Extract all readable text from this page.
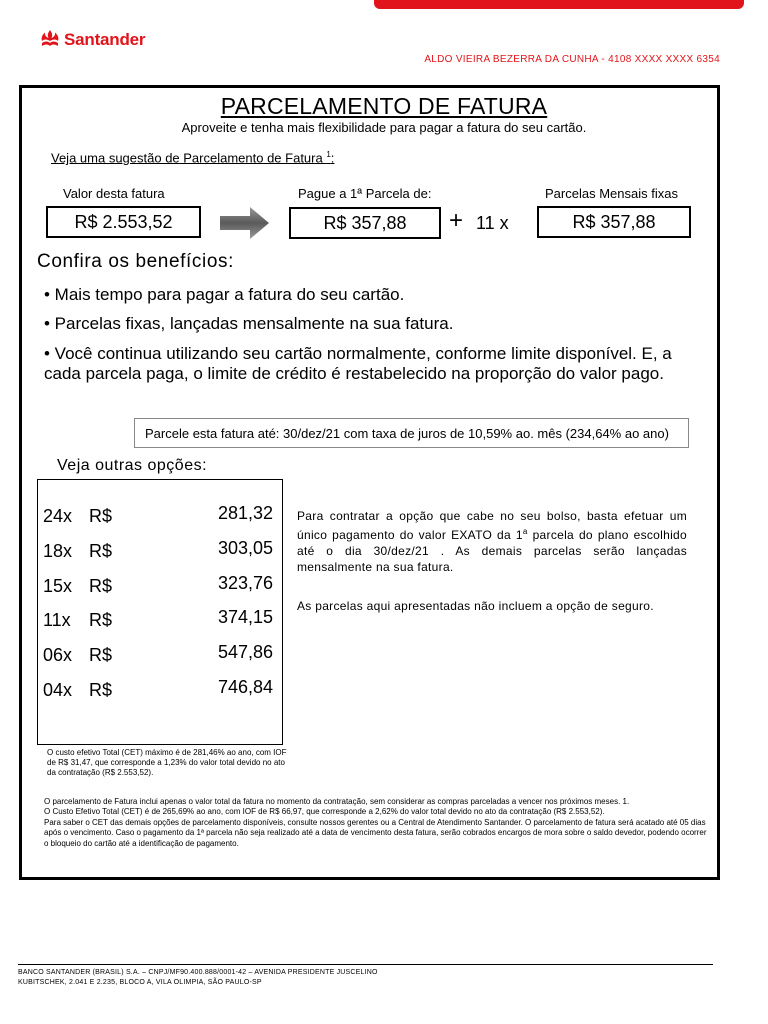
Santander
ALDO VIEIRA BEZERRA DA CUNHA - 4108 XXXX XXXX 6354
PARCELAMENTO DE FATURA
Aproveite e tenha mais flexibilidade para pagar a fatura do seu cartão.
Veja uma sugestão de Parcelamento de Fatura $^1$:
Valor desta fatura
R$ 2.553,52
Pague a 1ª Parcela de:
R$ 357,88	+ 11 x
Parcelas Mensais fixas
R$ 357,88
Confira os benefícios:
• Mais tempo para pagar a fatura do seu cartão.
• Parcelas fixas, lançadas mensalmente na sua fatura.
• Você continua utilizando seu cartão normalmente, conforme limite disponível. E, a cada parcela paga, o limite de crédito é restabelecido na proporção do valor pago.
Parcele esta fatura até: 30/dez/21 com taxa de juros de 10,59% ao. mês (234,64% ao ano)
Veja outras opções:
24x R$	281,32
18x R$	303,05
15x R$	323,76
11x R$	374,15
06x R$	547,86
04x R$	746,84
O custo efetivo Total (CET) máximo é de 281,46% ao ano, com IOF de R$ 31,47, que corresponde a 1,23% do valor total devido no ato da contratação (R$ 2.553,52).
Para contratar a opção que cabe no seu bolso, basta efetuar um único pagamento do valor EXATO da 1$^a$ parcela do plano escolhido até o dia 30/dez/21 . As demais parcelas serão lançadas mensalmente na sua fatura.
As parcelas aqui apresentadas não incluem a opção de seguro.
O parcelamento de Fatura inclui apenas o valor total da fatura no momento da contratação, sem considerar as compras parceladas a vencer nos próximos meses. 1.
O Custo Efetivo Total (CET) é de 265,69% ao ano, com IOF de R$ 66,97, que corresponde a 2,62% do valor total devido no ato da contratação (R$ 2.553,52).
Para saber o CET das demais opções de parcelamento disponíveis, consulte nossos gerentes ou a Central de Atendimento Santander. O parcelamento de fatura será acatado até 05 dias após o vencimento. Caso o pagamento da 1ª parcela não seja realizado até a data de vencimento desta fatura, serão cobrados encargos de mora sobre o saldo devedor, podendo ocorrer o bloqueio do cartão até a identificação de pagamento.
BANCO SANTANDER (BRASIL) S.A. – CNPJ/MF90.400.888/0001-42 – AVENIDA PRESIDENTE JUSCELINO
KUBITSCHEK, 2.041 E 2.235, BLOCO A, VILA OLIMPIA, SÃO PAULO-SP
